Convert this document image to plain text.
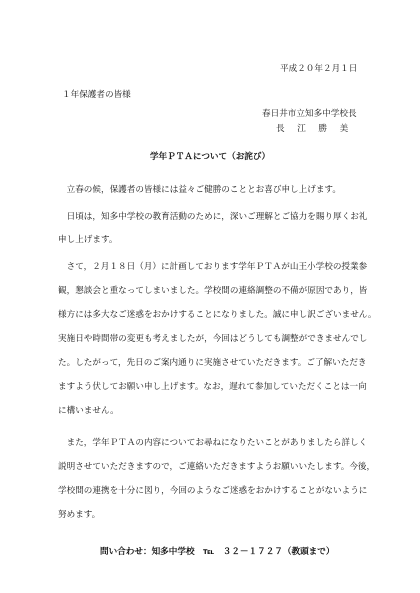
平成２０年２月１日
１年保護者の皆様
春日井市立知多中学校長
長　江　勝　美
学年ＰＴＡについて（お詫び）
　立春の候，保護者の皆様には益々ご健勝のこととお喜び申し上げます。
　日頃は，知多中学校の教育活動のために，深いご理解とご協力を賜り厚くお礼
申し上げます。
　さて，２月１８日（月）に計画しております学年ＰＴＡが山王小学校の授業参
観，懇談会と重なってしまいました。学校間の連絡調整の不備が原因であり，皆
様方には多大なご迷惑をおかけすることになりました。誠に申し訳ございません。
実施日や時間帯の変更も考えましたが，今回はどうしても調整ができませんでし
た。したがって，先日のご案内通りに実施させていただきます。ご了解いただき
ますよう伏してお願い申し上げます。なお，遅れて参加していただくことは一向
に構いません。
　また，学年ＰＴＡの内容についてお尋ねになりたいことがありましたら詳しく
説明させていただきますので，ご連絡いただきますようお願いいたします。今後，
学校間の連携を十分に図り，今回のようなご迷惑をおかけすることがないように
努めます。
問い合わせ：知多中学校　℡　３２－１７２７（教頭まで）
